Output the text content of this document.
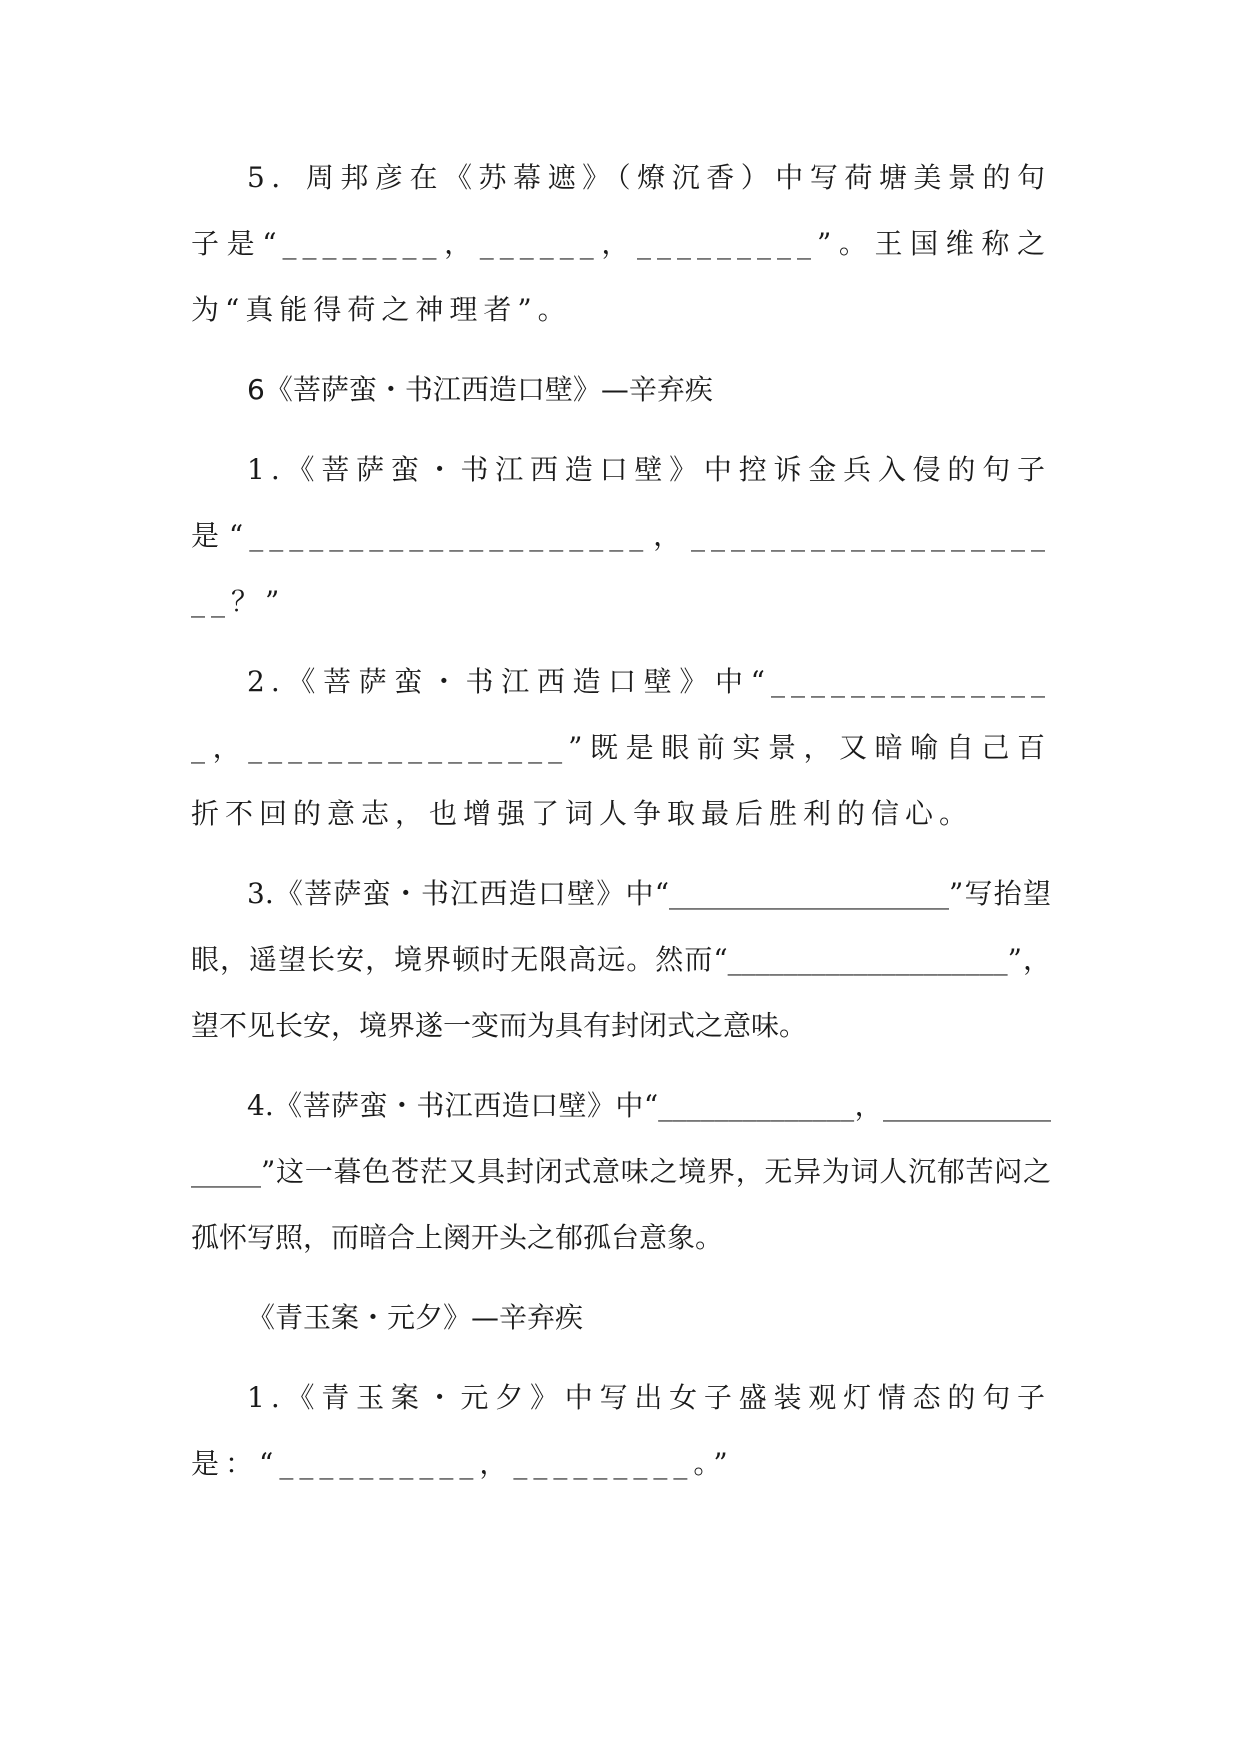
5．周邦彦在《苏幕遮》（燎沉香）中写荷塘美景的句子是“________，______，_________”。王国维称之为“真能得荷之神理者”。

6《菩萨蛮・书江西造口壁》—辛弃疾

1.《菩萨蛮・书江西造口壁》中控诉金兵入侵的句子是“____________________，____________________？”

2.《菩萨蛮・书江西造口壁》中“_______________，________________”既是眼前实景，又暗喻自己百折不回的意志，也增强了词人争取最后胜利的信心。

3.《菩萨蛮・书江西造口壁》中“____________________”写抬望眼，遥望长安，境界顿时无限高远。然而“____________________”，望不见长安，境界遂一变而为具有封闭式之意味。

4.《菩萨蛮・书江西造口壁》中“______________，_________________”这一暮色苍茫又具封闭式意味之境界，无异为词人沉郁苦闷之孤怀写照，而暗合上阕开头之郁孤台意象。

《青玉案・元夕》—辛弃疾

1.《青玉案・元夕》中写出女子盛装观灯情态的句子是：“__________，_________。”
